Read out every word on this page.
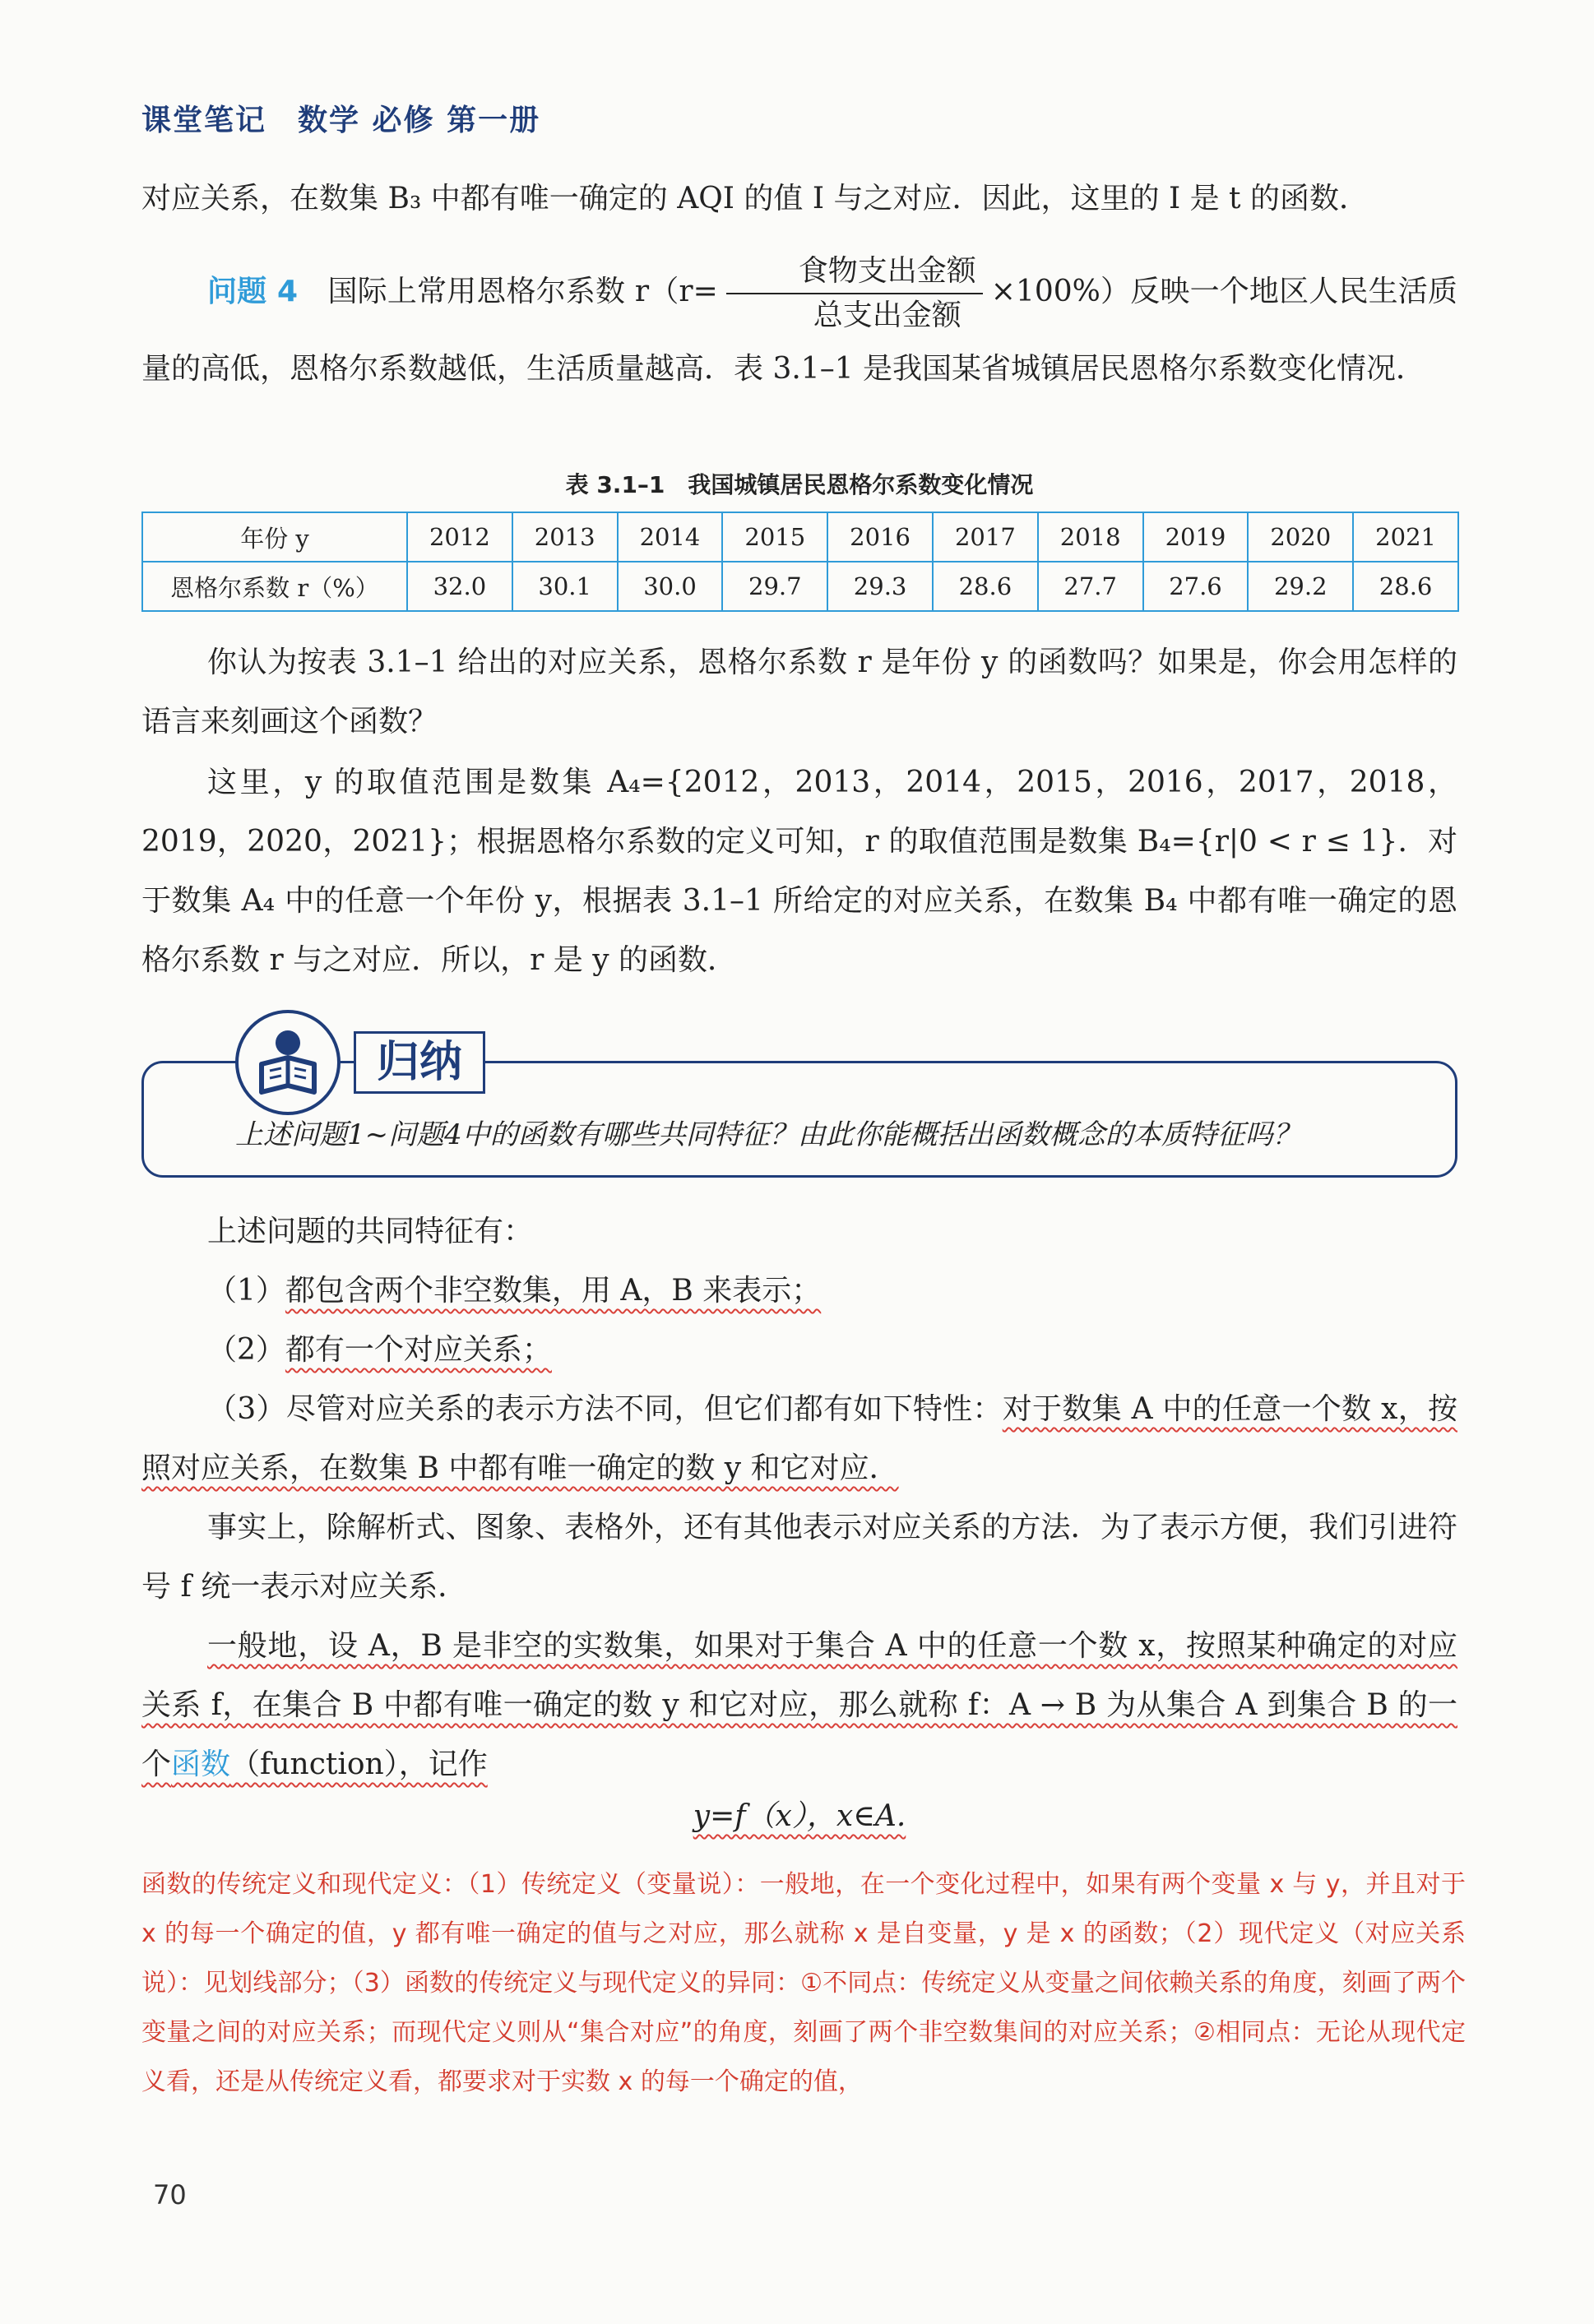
课堂笔记　数学 必修 第一册

对应关系，在数集 B₃ 中都有唯一确定的 AQI 的值 I 与之对应．因此，这里的 I 是 t 的函数．

问题 4　 国际上常用恩格尔系数 $r(r= \frac{\text{食物支出金额}}{\text{总支出金额}} \times 100\%)$反映一个地区人民生活质量的高低，恩格尔系数越低，生活质量越高．表 3.1–1 是我国某省城镇居民恩格尔系数变化情况．

表 3.1–1　我国城镇居民恩格尔系数变化情况
年份 y	2012	2013	2014	2015	2016	2017	2018	2019	2020	2021
恩格尔系数 r（%）	32.0	30.1	30.0	29.7	29.3	28.6	27.7	27.6	29.2	28.6

你认为按表 3.1–1 给出的对应关系，恩格尔系数 r 是年份 y 的函数吗？如果是，你会用怎样的语言来刻画这个函数？

这里，y 的取值范围是数集 A₄={2012，2013，2014，2015，2016，2017，2018，2019，2020，2021}；根据恩格尔系数的定义可知，r 的取值范围是数集 B₄={r|0 < r ≤ 1}．对于数集 A₄ 中的任意一个年份 y，根据表 3.1–1 所给定的对应关系，在数集 B₄ 中都有唯一确定的恩格尔系数 r 与之对应．所以，r 是 y 的函数．

归纳
上述问题1~问题4中的函数有哪些共同特征？由此你能概括出函数概念的本质特征吗？

上述问题的共同特征有：

（1）都包含两个非空数集，用 A，B 来表示；

（2）都有一个对应关系；

（3）尽管对应关系的表示方法不同，但它们都有如下特性：对于数集 A 中的任意一个数 x，按照对应关系，在数集 B 中都有唯一确定的数 y 和它对应．

事实上，除解析式、图象、表格外，还有其他表示对应关系的方法．为了表示方便，我们引进符号 f 统一表示对应关系．

一般地，设 A，B 是非空的实数集，如果对于集合 A 中的任意一个数 x，按照某种确定的对应关系 f，在集合 B 中都有唯一确定的数 y 和它对应，那么就称 f：A → B 为从集合 A 到集合 B 的一个函数（function），记作

y=f（x），x∈A.

函数的传统定义和现代定义：（1）传统定义（变量说）：一般地，在一个变化过程中，如果有两个变量 x 与 y，并且对于 x 的每一个确定的值，y 都有唯一确定的值与之对应，那么就称 x 是自变量，y 是 x 的函数；（2）现代定义（对应关系说）：见划线部分；（3）函数的传统定义与现代定义的异同：①不同点：传统定义从变量之间依赖关系的角度，刻画了两个变量之间的对应关系；而现代定义则从“集合对应”的角度，刻画了两个非空数集间的对应关系；②相同点：无论从现代定义看，还是从传统定义看，都要求对于实数 x 的每一个确定的值，

70
